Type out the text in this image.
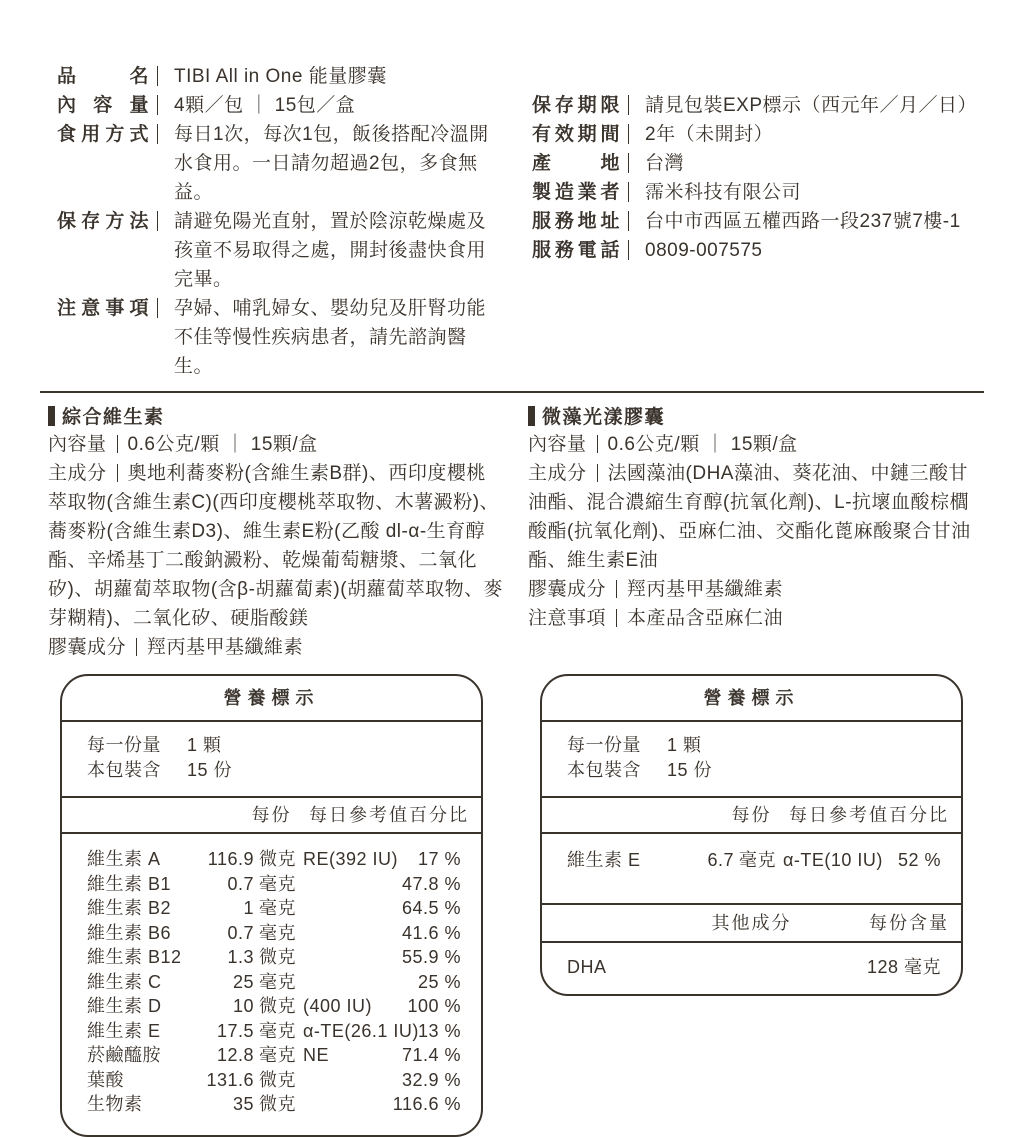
品名 TIBI All in One 能量膠囊
內容量 4顆／包 ｜ 15包／盒
食用方式 每日1次，每次1包，飯後搭配冷溫開水食用。一日請勿超過2包，多食無益。
保存方法 請避免陽光直射，置於陰涼乾燥處及孩童不易取得之處，開封後盡快食用完畢。
注意事項 孕婦、哺乳婦女、嬰幼兒及肝腎功能不佳等慢性疾病患者，請先諮詢醫生。
保存期限 請見包裝EXP標示（西元年／月／日）
有效期間 2年（未開封）
產地 台灣
製造業者 霈米科技有限公司
服務地址 台中市西區五權西路一段237號7樓-1
服務電話 0809-007575
綜合維生素

內容量 0.6公克/顆 ｜ 15顆/盒

主成分 奧地利蕎麥粉(含維生素B群)、西印度櫻桃萃取物(含維生素C)(西印度櫻桃萃取物、木薯澱粉)、蕎麥粉(含維生素D3)、維生素E粉(乙酸 dl-α-生育醇酯、辛烯基丁二酸鈉澱粉、乾燥葡萄糖漿、二氧化矽)、胡蘿蔔萃取物(含β-胡蘿蔔素)(胡蘿蔔萃取物、麥芽糊精)、二氧化矽、硬脂酸鎂

膠囊成分 羥丙基甲基纖維素

微藻光漾膠囊

內容量 0.6公克/顆 ｜ 15顆/盒

主成分 法國藻油(DHA藻油、葵花油、中鏈三酸甘油酯、混合濃縮生育醇(抗氧化劑)、L-抗壞血酸棕櫚酸酯(抗氧化劑)、亞麻仁油、交酯化蓖麻酸聚合甘油酯、維生素E油

膠囊成分 羥丙基甲基纖維素

注意事項 本產品含亞麻仁油

營養標示
每一份量	1 顆
本包裝含	15 份
每份 每日參考值百分比
維生素 A	116.9 微克 RE(392 IU)	17 %
維生素 B1	0.7 毫克	47.8 %
維生素 B2	1 毫克	64.5 %
維生素 B6	0.7 毫克	41.6 %
維生素 B12	1.3 微克	55.9 %
維生素 C	25 毫克	25 %
維生素 D	10 微克 (400 IU)	100 %
維生素 E	17.5 毫克 α-TE(26.1 IU) 13 %
菸鹼醯胺	12.8 毫克 NE	71.4 %
葉酸	131.6 微克	32.9 %
生物素	35 微克	116.6 %
營養標示
每一份量	1 顆
本包裝含	15 份
每份 每日參考值百分比
維生素 E	6.7 毫克 α-TE(10 IU) 52 %
其他成分	每份含量
DHA	128 毫克
